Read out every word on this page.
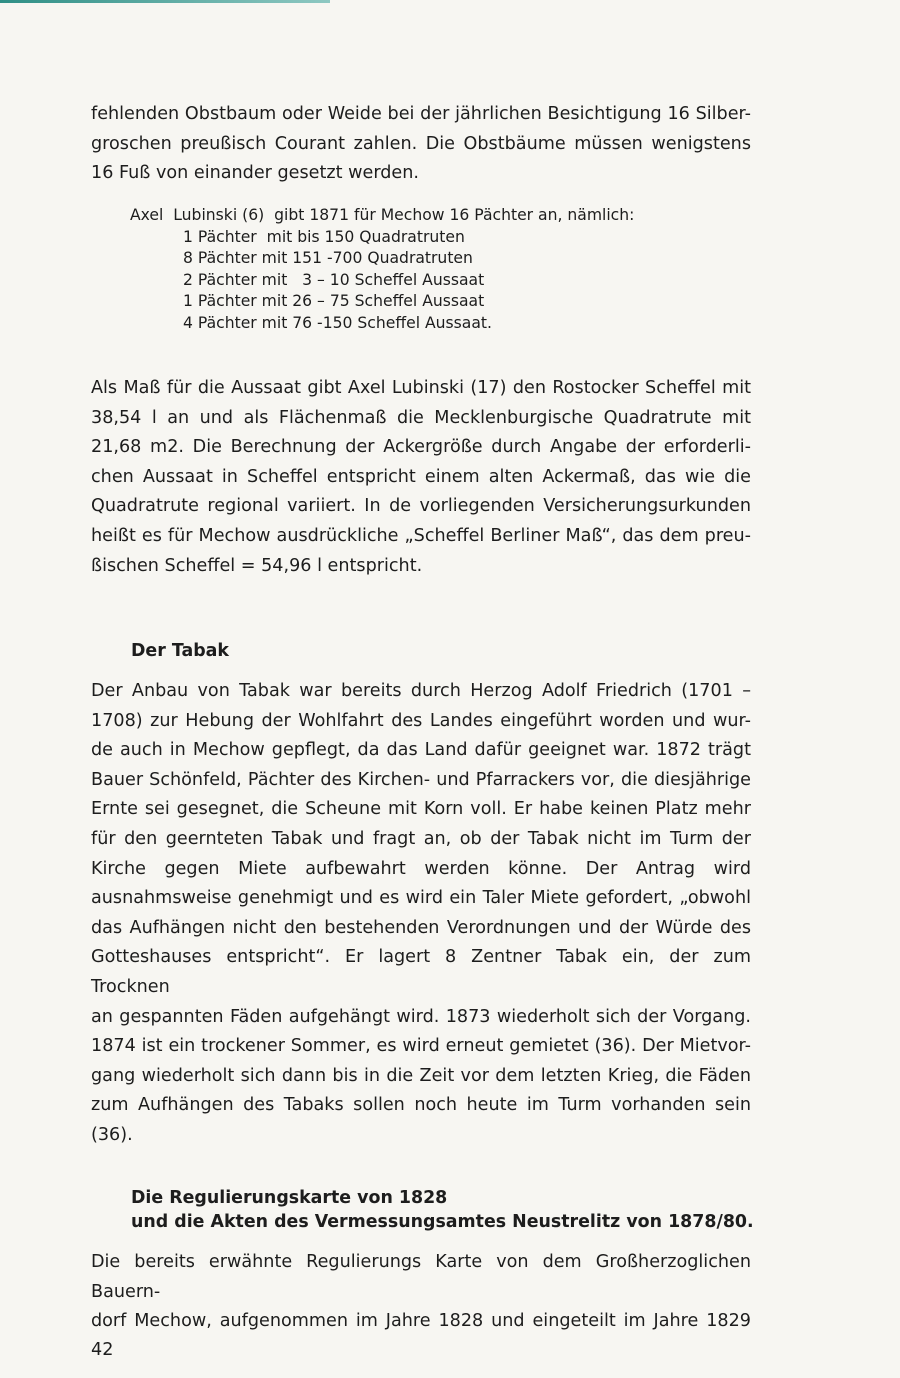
fehlenden Obstbaum oder Weide bei der jährlichen Besichtigung 16 Silber-
groschen preußisch Courant zahlen. Die Obstbäume müssen wenigstens
16 Fuß von einander gesetzt werden.

Axel  Lubinski (6)  gibt 1871 für Mechow 16 Pächter an, nämlich:
1 Pächter  mit bis 150 Quadratruten
8 Pächter mit 151 -700 Quadratruten
2 Pächter mit   3 – 10 Scheffel Aussaat
1 Pächter mit 26 – 75 Scheffel Aussaat
4 Pächter mit 76 -150 Scheffel Aussaat.

Als Maß für die Aussaat gibt Axel Lubinski (17) den Rostocker Scheffel mit
38,54 l an und als Flächenmaß die Mecklenburgische Quadratrute mit
21,68 m2. Die Berechnung der Ackergröße durch Angabe der erforderli-
chen Aussaat in Scheffel entspricht einem alten Ackermaß, das wie die
Quadratrute regional variiert. In de vorliegenden Versicherungsurkunden
heißt es für Mechow ausdrückliche „Scheffel Berliner Maß“, das dem preu-
ßischen Scheffel = 54,96 l entspricht.

Der Tabak

Der Anbau von Tabak war bereits durch Herzog Adolf Friedrich (1701 –
1708) zur Hebung der Wohlfahrt des Landes eingeführt worden und wur-
de auch in Mechow gepflegt, da das Land dafür geeignet war. 1872 trägt
Bauer Schönfeld, Pächter des Kirchen- und Pfarrackers vor, die diesjährige
Ernte sei gesegnet, die Scheune mit Korn voll. Er habe keinen Platz mehr
für den geernteten Tabak und fragt an, ob der Tabak nicht im Turm der
Kirche gegen Miete aufbewahrt werden könne. Der Antrag wird
ausnahmsweise genehmigt und es wird ein Taler Miete gefordert, „obwohl
das Aufhängen nicht den bestehenden Verordnungen und der Würde des
Gotteshauses entspricht“. Er lagert 8 Zentner Tabak ein, der zum Trocknen
an gespannten Fäden aufgehängt wird. 1873 wiederholt sich der Vorgang.
1874 ist ein trockener Sommer, es wird erneut gemietet (36). Der Mietvor-
gang wiederholt sich dann bis in die Zeit vor dem letzten Krieg, die Fäden
zum Aufhängen des Tabaks sollen noch heute im Turm vorhanden sein
(36).

Die Regulierungskarte von 1828
und die Akten des Vermessungsamtes Neustrelitz von 1878/80.

Die bereits erwähnte Regulierungs Karte von dem Großherzoglichen Bauern-
dorf Mechow, aufgenommen im Jahre 1828 und eingeteilt im Jahre 1829

42
